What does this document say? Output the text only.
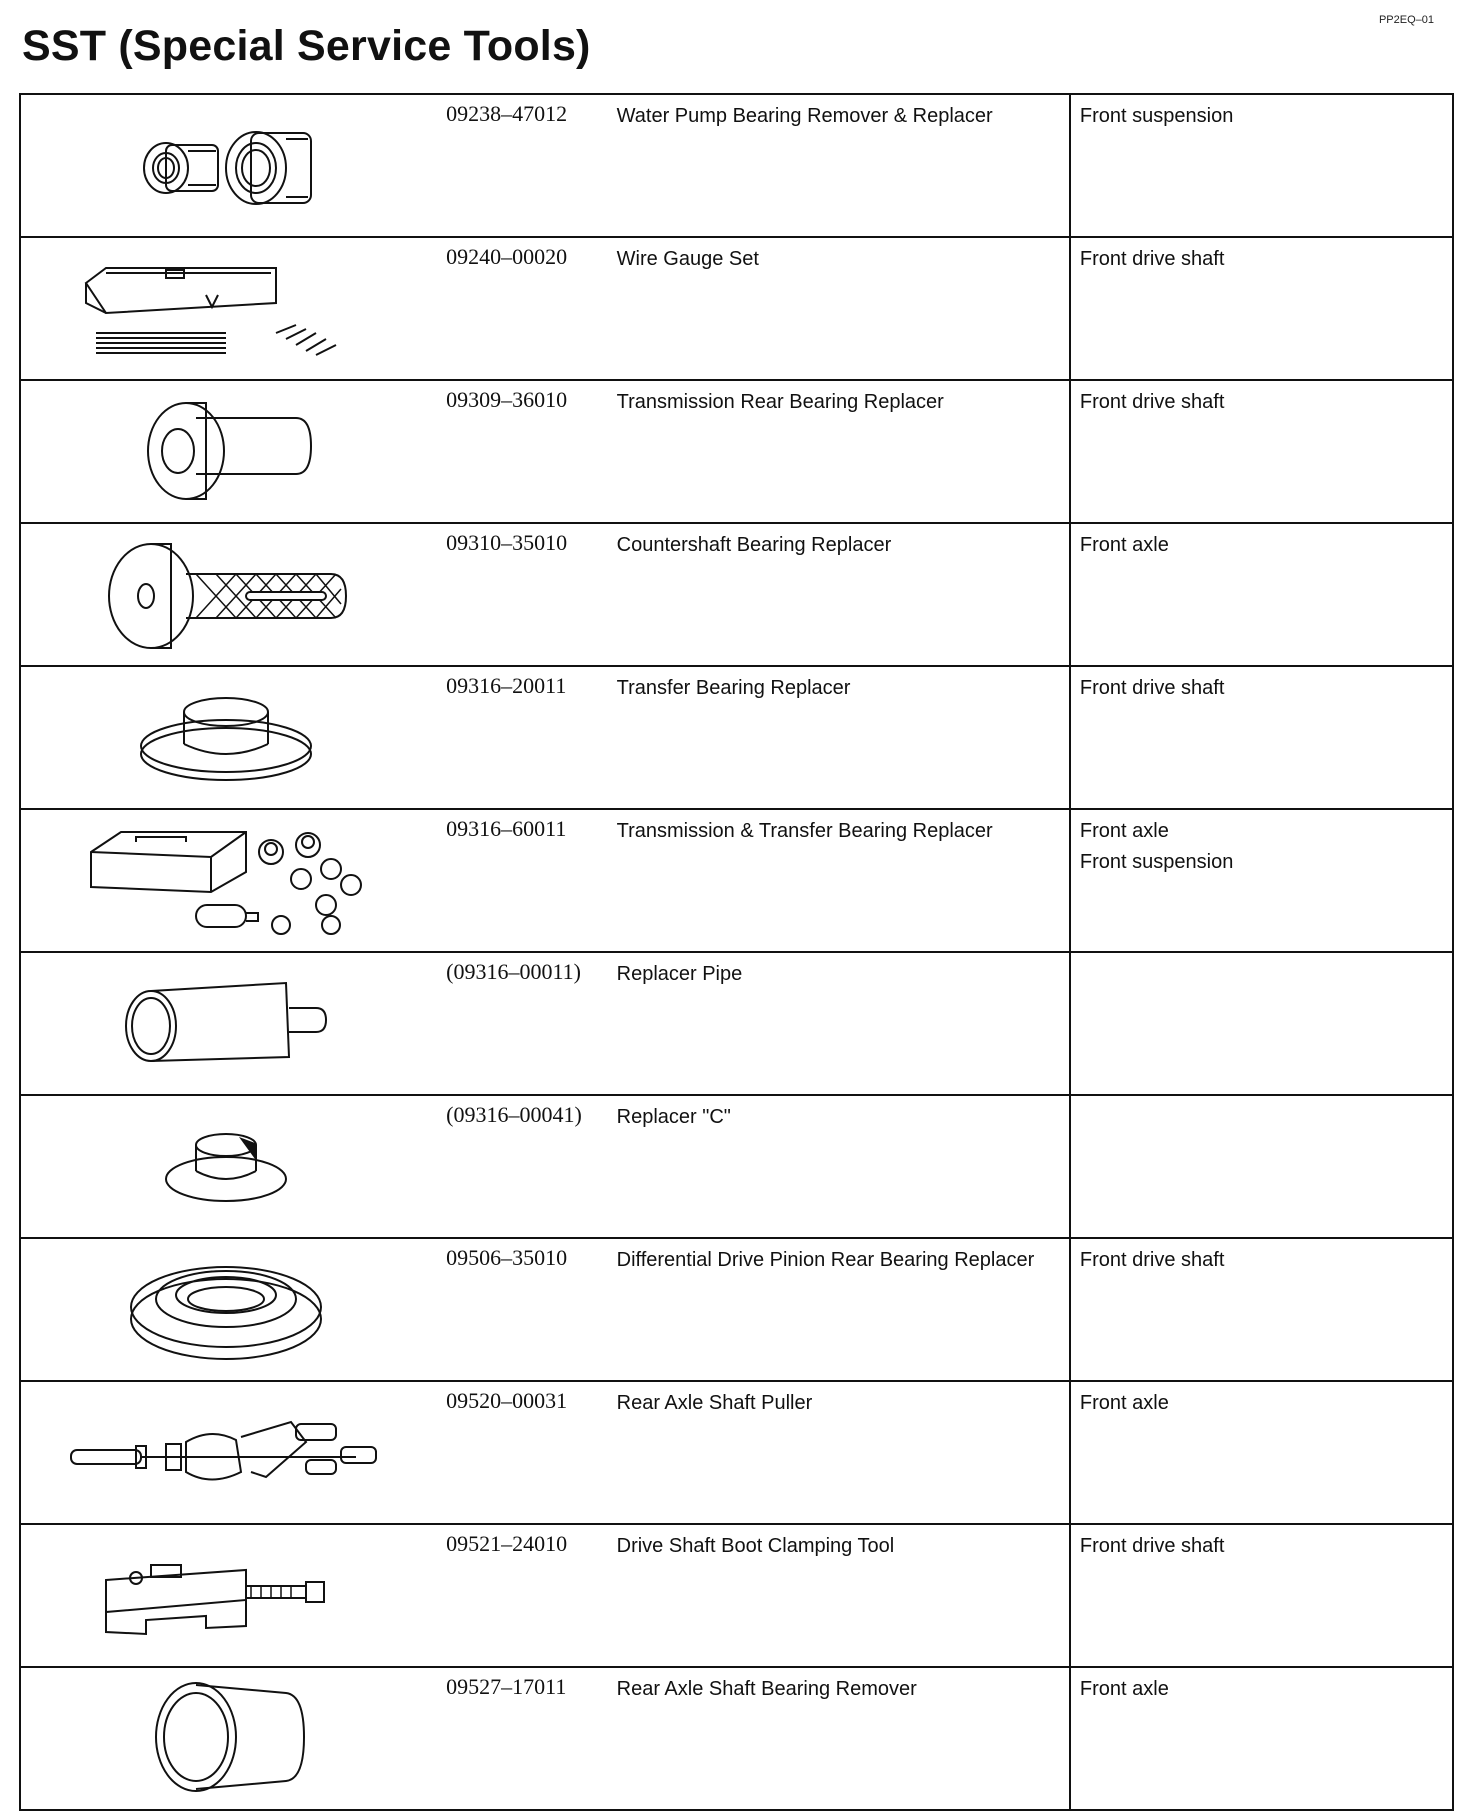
PP2EQ–01
SST (Special Service Tools)

09238–47012	Water Pump Bearing Remover & Replacer	Front suspension

09240–00020	Wire Gauge Set	Front drive shaft

09309–36010	Transmission Rear Bearing Replacer	Front drive shaft

09310–35010	Countershaft Bearing Replacer	Front axle

09316–20011	Transfer Bearing Replacer	Front drive shaft

09316–60011	Transmission & Transfer Bearing Replacer	Front axle
Front suspension

(09316–00011)	Replacer Pipe	

(09316–00041)	Replacer "C"	

09506–35010	Differential Drive Pinion Rear Bearing Replacer	Front drive shaft

09520–00031	Rear Axle Shaft Puller	Front axle

09521–24010	Drive Shaft Boot Clamping Tool	Front drive shaft

09527–17011	Rear Axle Shaft Bearing Remover	Front axle
